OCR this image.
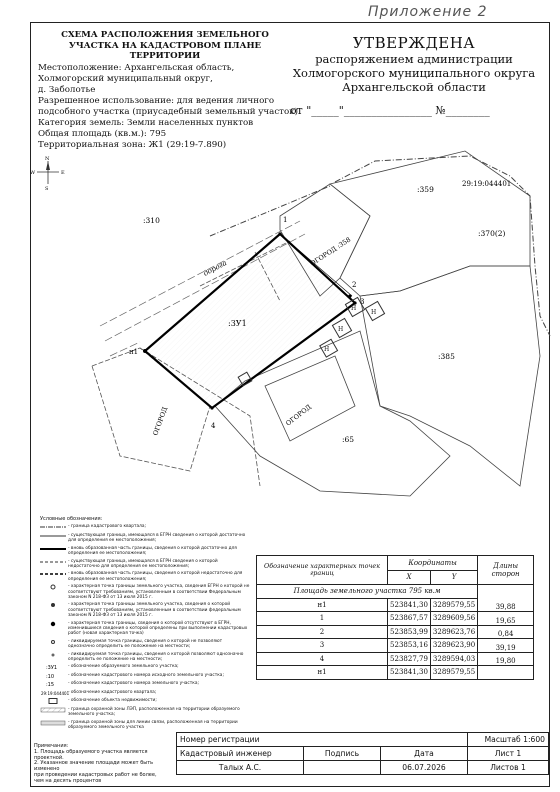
Приложение 2
СХЕМА РАСПОЛОЖЕНИЯ ЗЕМЕЛЬНОГО УЧАСТКА НА КАДАСТРОВОМ ПЛАНЕ ТЕРРИТОРИИ
Местоположение: Архангельская область,
Холмогорский муниципальный округ,
д. Заболотье
Разрешенное использование: для ведения личного
подсобного участка (приусадебный земельный участок)
Категория земель: Земли населенных пунктов
Общая площадь (кв.м.): 795
Территориальная зона: Ж1 (29:19-7.890)
УТВЕРЖДЕНА
распоряжением администрации
Холмогорского муниципального округа
Архангельской области
от "_____"________________ №________
N
S
W	E
дорога
Н
Н
Н
Н
:359
29:19:044401
:370(2)
:310
:385
:65
:3У1
ОГОРОД :358
ОГОРОД
ОГОРОД
н1
1
2
3
4
Условные обозначения:
- граница кадастрового квартала;
- существующая граница, имеющаяся в ЕГРН сведения о которой достаточно для определения ее местоположения;
- вновь образованная часть границы, сведения о которой достаточно для определения ее местоположения;
- существующая граница, имеющаяся в ЕГРН сведения о которой недостаточно для определения ее местоположения;
- вновь образованная часть границы, сведения о которой недостаточно для определения ее местоположения;
- характерная точка границы земельного участка, сведения ЕГРН о которой не соответствуют требованиям, установленным в соответствии Федеральным законом N 218-ФЗ от 13 июля 2015 г.
- характерная точка границы земельного участка, сведения о которой соответствуют требованиям, установленным в соответствии федеральным законом N 218-ФЗ от 13 июля 2015 г.
- характерная точка границы, сведения о которой отсутствуют в ЕГРН, изменившиеся сведения о которой определены при выполнении кадастровых работ (новая характерная точка)
- ликвидируемая точка границы, сведения о которой не позволяют однозначно определить ее положение на местности;
- ликвидируемая точка границы, сведения о которой позволяют однозначно определить ее положение на местности;
:3У1	- обозначение образуемого земельного участка;
:10	- обозначение кадастрового номера исходного земельного участка;
:15	- обозначение кадастрового номера земельного участка;
29:19:044401
- обозначение кадастрового квартала;
- обозначение объекта недвижимости;
- граница охранной зоны ЛЭП, расположенная на территории образуемого земельного участка;
- граница охранной зоны для линии связи, расположенная на территории образуемого земельного участка
Обозначение характерных точек границ	Координаты		Длины сторон
	X	Y	
Площадь земельного участка 795 кв.м			
н1	523841,30	3289579,55	39,88
1	523867,57	3289609,56	19,65
2	523853,99	3289623,76	0,84
3	523853,16	3289623,90	39,19
4	523827,79	3289594,03	19,80
н1	523841,30	3289579,55	
Примечания:
1. Площадь образуемого участка является проектной.
2. Указанное значение площади может быть изменено
при проведении кадастровых работ не более,
чем на десять процентов
Номер регистрации			Масштаб 1:600
Кадастровый инженер	Подпись	Дата	Лист 1
Талых А.С.		06.07.2026	Листов 1
